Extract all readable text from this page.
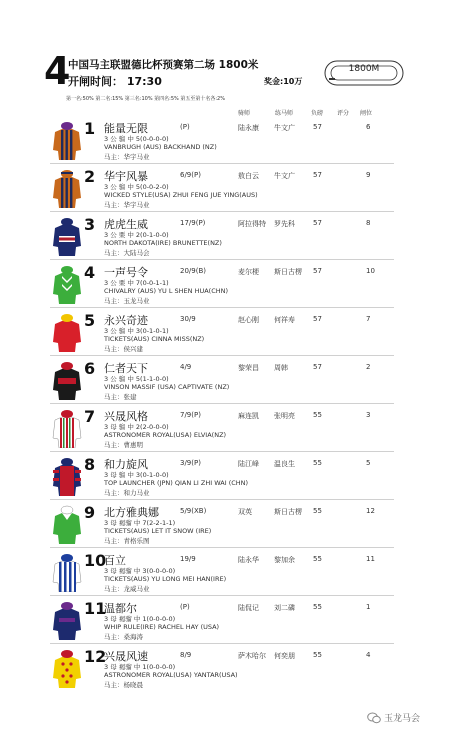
4
中国马主联盟德比杯预赛第二场 1800米
开闸时间： 17:30	奖金:10万
1800M
第一名:50% 第二名:15% 第三名:10% 第四名:5% 第五至第十名各:2%
骑师	练马师	负磅 评分 闸位
1 能量无限	(P)	陆永康 牛文广	57	6
3 公 骝 中 5(0-0-0-0)
VANBRUGH (AUS) BACKHAND (NZ)
马主：华宇马业
2 华宇风暴	6/9(P)	敖白云 牛文广	57	9
3 公 骝 中 5(0-0-2-0)
WICKED STYLE(USA) ZHUI FENG JUE YING(AUS)
马主：华宇马业
3 虎虎生威	17/9(P)	阿拉得特 罗先科	57	8
3 公 栗 中 2(0-1-0-0)
NORTH DAKOTA(IRE) BRUNETTE(NZ)
马主：大陆马会
4 一声号令	20/9(B)	麦尔梗 斯日古楞 57	10
3 公 栗 中 7(0-0-1-1)
CHIVALRY (AUS) YU L SHEN HUA(CHN)
马主：玉龙马业
5 永兴奇迹	30/9	赵心刚 何祥寿	57	7
3 公 骝 中 3(0-1-0-1)
TICKETS(AUS) CINNA MISS(NZ)
马主：侯兴建
6 仁者天下	4/9	黎荣昌 周韩	57	2
3 公 骝 中 5(1-1-0-0)
VINSON MASSIF (USA) CAPTIVATE (NZ)
马主：张建
7 兴晟风格	7/9(P)	麻连凯 张明亮	55	3
3 母 骝 中 2(2-0-0-0)
ASTRONOMER ROYAL(USA) ELVIA(NZ)
马主：曹惠明
8 和力旋风	3/9(P)	陆江峰 温良生	55	5
3 母 骝 中 3(0-1-0-0)
TOP LAUNCHER (JPN) QIAN LI ZHI WAI (CHN)
马主：和力马业
9 北方雅典娜	5/9(XB)	双英	斯日古楞 55	12
3 母 褐骝 中 7(2-2-1-1)
TICKETS(AUS) LET IT SNOW (IRE)
马主：青格乐图
10
百立	19/9	陆永华 黎加余	55	11
3 母 褐骝 中 3(0-0-0-0)
TICKETS(AUS) YU LONG MEI HAN(IRE)
马主：龙威马业
11
温都尔	(P)	陆侃记 刘二磷	55	1
3 母 褐骝 中 1(0-0-0-0)
WHIP RULE(IRE) RACHEL HAY (USA)
马主：桑海涛
12
兴晟风速	8/9	萨木哈尔 何奕朋	55	4
3 母 褐骝 中 1(0-0-0-0)
ASTRONOMER ROYAL(USA) YANTAR(USA)
马主：杨晓晨
玉龙马会
